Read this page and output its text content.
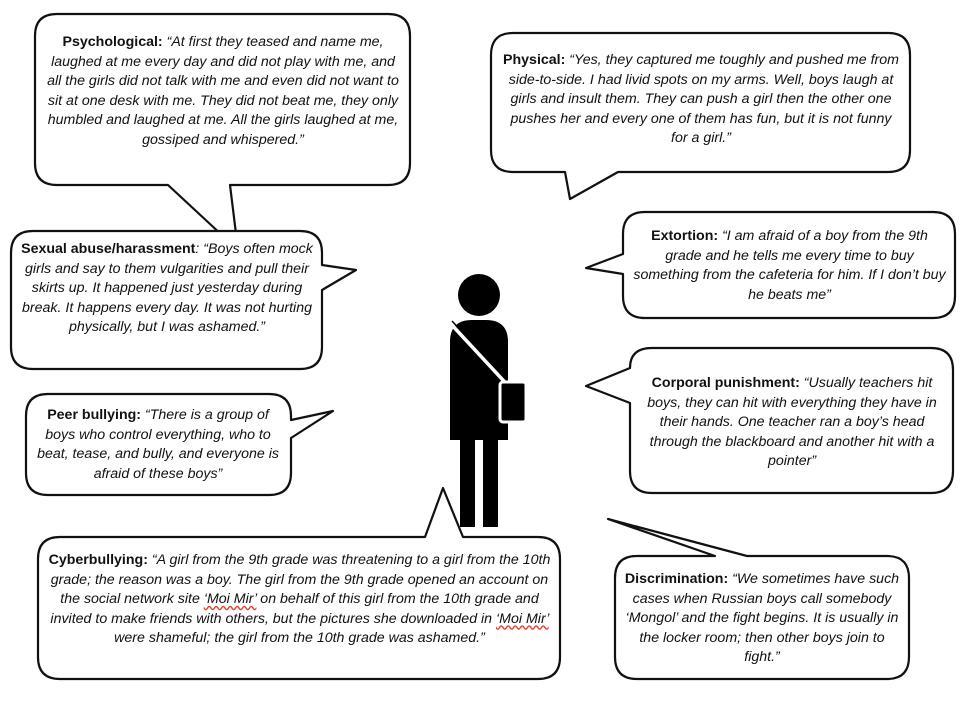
Psychological: “At first they teased and name me, laughed at me every day and did not play with me, and all the girls did not talk with me and even did not want to sit at one desk with me. They did not beat me, they only humbled and laughed at me. All the girls laughed at me, gossiped and whispered.”

Physical: “Yes, they captured me toughly and pushed me from side-to-side. I had livid spots on my arms. Well, boys laugh at girls and insult them. They can push a girl then the other one pushes her and every one of them has fun, but it is not funny for a girl.”

Sexual abuse/harassment: “Boys often mock girls and say to them vulgarities and pull their skirts up. It happened just yesterday during break. It happens every day. It was not hurting physically, but I was ashamed.”

Extortion: “I am afraid of a boy from the 9th grade and he tells me every time to buy something from the cafeteria for him. If I don’t buy he beats me”

Peer bullying: “There is a group of boys who control everything, who to beat, tease, and bully, and everyone is afraid of these boys”

Corporal punishment: “Usually teachers hit boys, they can hit with everything they have in their hands. One teacher ran a boy’s head through the blackboard and another hit with a pointer”

Cyberbullying: “A girl from the 9th grade was threatening to a girl from the 10th grade; the reason was a boy. The girl from the 9th grade opened an account on the social network site ‘Moi Mir’ on behalf of this girl from the 10th grade and invited to make friends with others, but the pictures she downloaded in ‘Moi Mir’ were shameful; the girl from the 10th grade was ashamed.”

Discrimination: “We sometimes have such cases when Russian boys call somebody ‘Mongol’ and the fight begins. It is usually in the locker room; then other boys join to fight.”
